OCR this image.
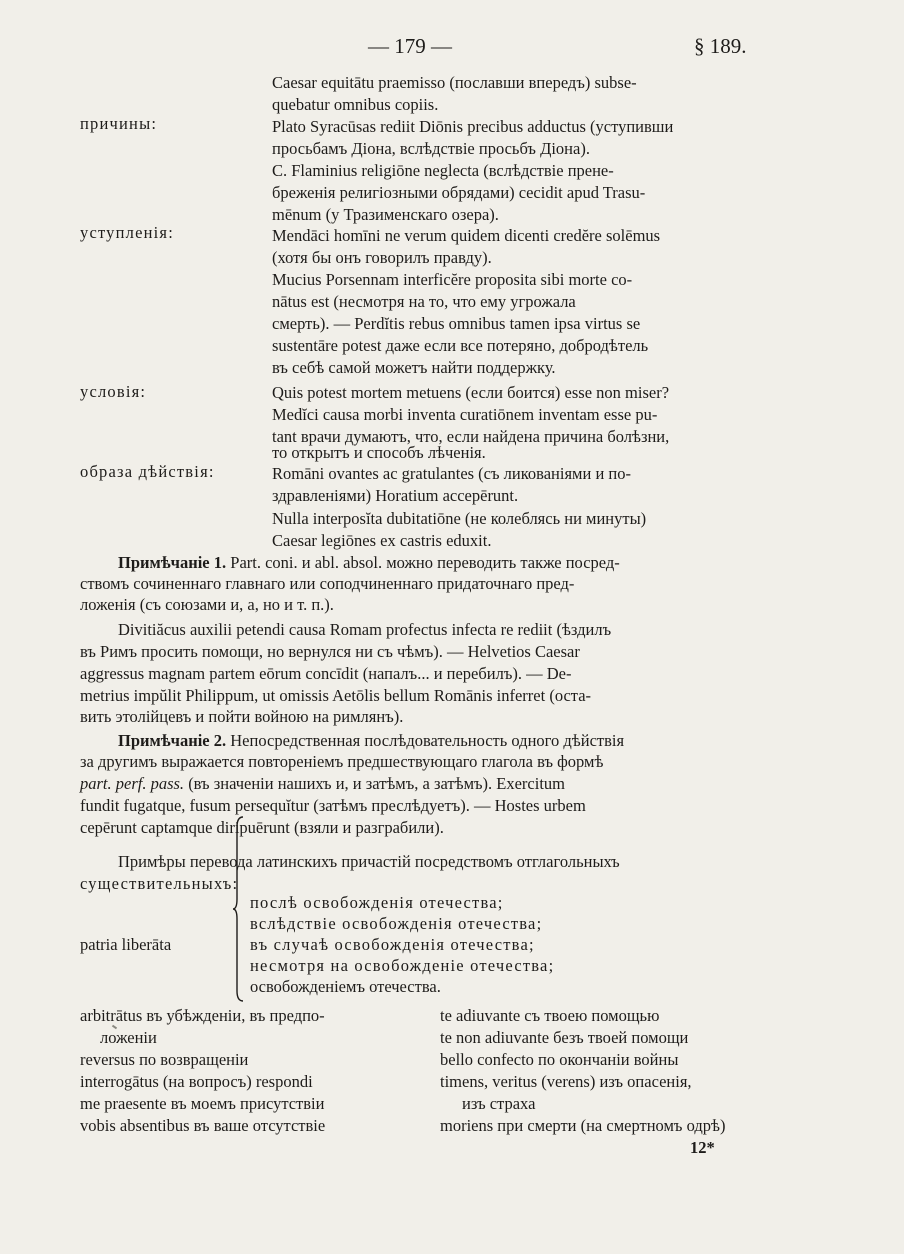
— 179 —	§ 189.
причины:
уступленія:
условія:
образа дѣйствія:
Caesar equitātu praemisso (пославши впередъ) subse-
quebatur omnibus copiis.
Plato Syracūsas rediit Diōnis precibus adductus (уступивши
просьбамъ Діона, вслѣдствіе просьбъ Діона).
C. Flaminius religiōne neglecta (вслѣдствіе прене-
бреженія религіозными обрядами) cecidit apud Trasu-
mēnum (у Тразименскаго озера).
Mendāci homīni ne verum quidem dicenti credĕre solēmus
(хотя бы онъ говорилъ правду).
Mucius Porsennam interficĕre proposita sibi morte co-
nātus est (несмотря на то, что ему угрожала
смерть). — Perdĭtis rebus omnibus tamen ipsa virtus se
sustentāre potest даже если все потеряно, добродѣтель
въ себѣ самой можетъ найти поддержку.
Quis potest mortem metuens (если боится) esse non miser?
Medĭci causa morbi inventa curatiōnem inventam esse pu-
tant врачи думаютъ, что, если найдена причина болѣзни,
то открытъ и способъ лѣченія.
Romāni ovantes ac gratulantes (съ ликованіями и по-
здравленіями) Horatium accepērunt.
Nulla interposĭta dubitatiōne (не колеблясь ни минуты)
Caesar legiōnes ex castris eduxit.
Примѣчаніе 1. Part. coni. и abl. absol. можно переводить также посред-
ствомъ сочиненнаго главнаго или соподчиненнаго придаточнаго пред-
ложенія (съ союзами и, а, но и т. п.).
Divitiăcus auxilii petendi causa Romam profectus infecta re rediit (ѣздилъ
въ Римъ просить помощи, но вернулся ни съ чѣмъ). — Helvetios Caesar
aggressus magnam partem eōrum concīdit (напалъ... и перебилъ). — De-
metrius impŭlit Philippum, ut omissis Aetōlis bellum Romānis inferret (оста-
вить этолійцевъ и пойти войною на римлянъ).
Примѣчаніе 2. Непосредственная послѣдовательность одного дѣйствія
за другимъ выражается повтореніемъ предшествующаго глагола въ формѣ
part. perf. pass. (въ значеніи нашихъ и, и затѣмъ, а затѣмъ). Exercitum
fundit fugatque, fusum persequĭtur (затѣмъ преслѣдуетъ). — Hostes urbem
cepērunt captamque diripuērunt (взяли и разграбили).
Примѣры перевода латинскихъ причастій посредствомъ отглагольныхъ
существительныхъ:
patria liberāta
послѣ освобожденія отечества;
вслѣдствіе освобожденія отечества;
въ случаѣ освобожденія отечества;
несмотря на освобожденіе отечества;
освобожденіемъ отечества.
arbitrātus въ убѣжденіи, въ предпо-
ложеніи
reversus по возвращеніи
interrogātus (на вопросъ) respondi
me praesente въ моемъ присутствіи
vobis absentibus въ ваше отсутствіе
te adiuvante съ твоею помощью
te non adiuvante безъ твоей помощи
bello confecto по окончаніи войны
timens, veritus (verens) изъ опасенія,
изъ страха
moriens при смерти (на смертномъ одрѣ)
12*
